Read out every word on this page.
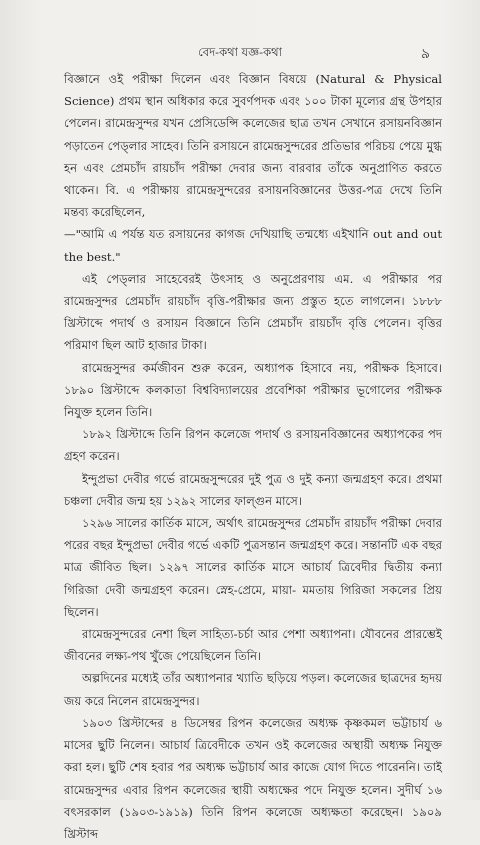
বেদ-কথা যজ্ঞ-কথা	৯

বিজ্ঞানে ওই পরীক্ষা দিলেন এবং বিজ্ঞান বিষয়ে (Natural & Physical Science) প্রথম স্থান অধিকার করে সুবর্ণপদক এবং ১০০ টাকা মূল্যের গ্রন্থ উপহার পেলেন। রামেন্দ্রসুন্দর যখন প্রেসিডেন্সি কলেজের ছাত্র তখন সেখানে রসায়নবিজ্ঞান পড়াতেন পেড্‌লার সাহেব। তিনি রসায়নে রামেন্দ্রসুন্দরের প্রতিভার পরিচয় পেয়ে মুগ্ধ হন এবং প্রেমচাঁদ রায়চাঁদ পরীক্ষা দেবার জন্য বারবার তাঁকে অনুপ্রাণিত করতে থাকেন। বি. এ পরীক্ষায় রামেন্দ্রসুন্দরের রসায়নবিজ্ঞানের উত্তর-পত্র দেখে তিনি মন্তব্য করেছিলেন,

—"আমি এ পর্যন্ত যত রসায়নের কাগজ দেখিয়াছি তন্মধ্যে এইখানি out and out the best."

এই পেড্‌লার সাহেবেরই উৎসাহ ও অনুপ্রেরণায় এম. এ পরীক্ষার পর রামেন্দ্রসুন্দর প্রেমচাঁদ রায়চাঁদ বৃত্তি-পরীক্ষার জন্য প্রস্তুত হতে লাগলেন। ১৮৮৮ খ্রিস্টাব্দে পদার্থ ও রসায়ন বিজ্ঞানে তিনি প্রেমচাঁদ রায়চাঁদ বৃত্তি পেলেন। বৃত্তির পরিমাণ ছিল আট হাজার টাকা।

রামেন্দ্রসুন্দর কর্মজীবন শুরু করেন, অধ্যাপক হিসাবে নয়, পরীক্ষক হিসাবে। ১৮৯০ খ্রিস্টাব্দে কলকাতা বিশ্ববিদ্যালয়ের প্রবেশিকা পরীক্ষার ভূগোলের পরীক্ষক নিযুক্ত হলেন তিনি।

১৮৯২ খ্রিস্টাব্দে তিনি রিপন কলেজে পদার্থ ও রসায়নবিজ্ঞানের অধ্যাপকের পদ গ্রহণ করেন।

ইন্দুপ্রভা দেবীর গর্ভে রামেন্দ্রসুন্দরের দুই পুত্র ও দুই কন্যা জন্মগ্রহণ করে। প্রথমা চঞ্চলা দেবীর জন্ম হয় ১২৯২ সালের ফাল্গুন মাসে।

১২৯৬ সালের কার্তিক মাসে, অর্থাৎ রামেন্দ্রসুন্দর প্রেমচাঁদ রায়চাঁদ পরীক্ষা দেবার পরের বছর ইন্দুপ্রভা দেবীর গর্ভে একটি পুত্রসন্তান জন্মগ্রহণ করে। সন্তানটি এক বছর মাত্র জীবিত ছিল। ১২৯৭ সালের কার্তিক মাসে আচার্য ত্রিবেদীর দ্বিতীয় কন্যা গিরিজা দেবী জন্মগ্রহণ করেন। স্নেহ-প্রেমে, মায়া- মমতায় গিরিজা সকলের প্রিয় ছিলেন।

রামেন্দ্রসুন্দরের নেশা ছিল সাহিত্য-চর্চা আর পেশা অধ্যাপনা। যৌবনের প্রারম্ভেই জীবনের লক্ষ্য-পথ খুঁজে পেয়েছিলেন তিনি।

অল্পদিনের মধ্যেই তাঁর অধ্যাপনার খ্যাতি ছড়িয়ে পড়ল। কলেজের ছাত্রদের হৃদয় জয় করে নিলেন রামেন্দ্রসুন্দর।

১৯০৩ খ্রিস্টাব্দের ৪ ডিসেম্বর রিপন কলেজের অধ্যক্ষ কৃষ্ণকমল ভট্টাচার্য ৬ মাসের ছুটি নিলেন। আচার্য ত্রিবেদীকে তখন ওই কলেজের অস্থায়ী অধ্যক্ষ নিযুক্ত করা হল। ছুটি শেষ হবার পর অধ্যক্ষ ভট্টাচার্য আর কাজে যোগ দিতে পারেননি। তাই রামেন্দ্রসুন্দর এবার রিপন কলেজের স্থায়ী অধ্যক্ষের পদে নিযুক্ত হলেন। সুদীর্ঘ ১৬ বৎসরকাল (১৯০৩-১৯১৯) তিনি রিপন কলেজে অধ্যক্ষতা করেছেন। ১৯০৯ খ্রিস্টাব্দ
